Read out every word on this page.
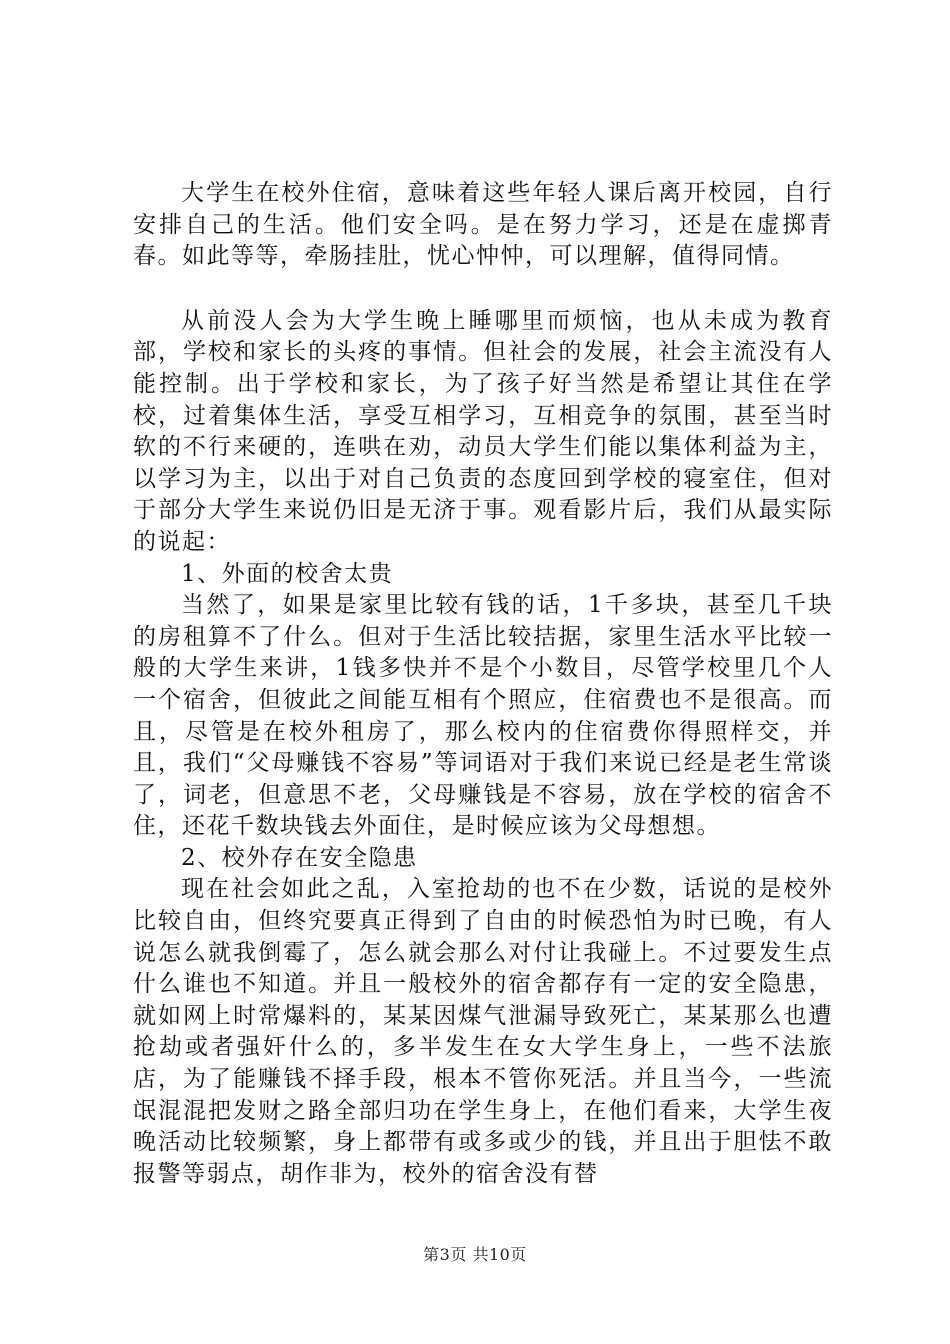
大学生在校外住宿，意味着这些年轻人课后离开校园，自行安排自己的生活。他们安全吗。是在努力学习，还是在虚掷青春。如此等等，牵肠挂肚，忧心忡忡，可以理解，值得同情。

从前没人会为大学生晚上睡哪里而烦恼，也从未成为教育部，学校和家长的头疼的事情。但社会的发展，社会主流没有人能控制。出于学校和家长，为了孩子好当然是希望让其住在学校，过着集体生活，享受互相学习，互相竞争的氛围，甚至当时软的不行来硬的，连哄在劝，动员大学生们能以集体利益为主，以学习为主，以出于对自己负责的态度回到学校的寝室住，但对于部分大学生来说仍旧是无济于事。观看影片后，我们从最实际的说起：

1、外面的校舍太贵

当然了，如果是家里比较有钱的话，1千多块，甚至几千块的房租算不了什么。但对于生活比较拮据，家里生活水平比较一般的大学生来讲，1钱多快并不是个小数目，尽管学校里几个人一个宿舍，但彼此之间能互相有个照应，住宿费也不是很高。而且，尽管是在校外租房了，那么校内的住宿费你得照样交，并且，我们“父母赚钱不容易”等词语对于我们来说已经是老生常谈了，词老，但意思不老，父母赚钱是不容易，放在学校的宿舍不住，还花千数块钱去外面住，是时候应该为父母想想。

2、校外存在安全隐患

现在社会如此之乱，入室抢劫的也不在少数，话说的是校外比较自由，但终究要真正得到了自由的时候恐怕为时已晚，有人说怎么就我倒霉了，怎么就会那么对付让我碰上。不过要发生点什么谁也不知道。并且一般校外的宿舍都存有一定的安全隐患，就如网上时常爆料的，某某因煤气泄漏导致死亡，某某那么也遭抢劫或者强奸什么的，多半发生在女大学生身上，一些不法旅店，为了能赚钱不择手段，根本不管你死活。并且当今，一些流氓混混把发财之路全部归功在学生身上，在他们看来，大学生夜晚活动比较频繁，身上都带有或多或少的钱，并且出于胆怯不敢报警等弱点，胡作非为，校外的宿舍没有替

第3页 共10页
